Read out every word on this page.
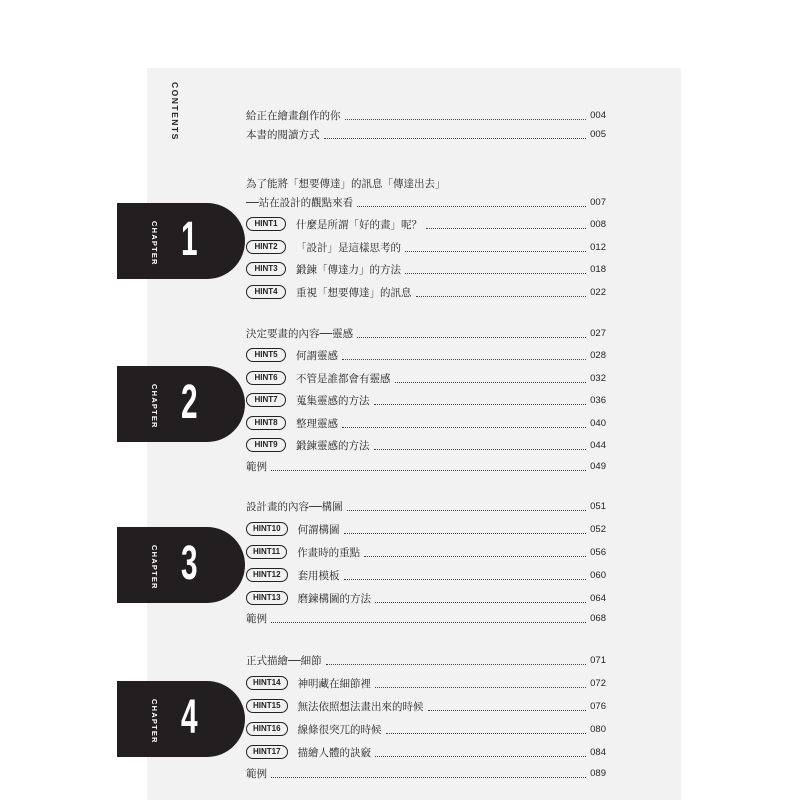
CONTENTS
CHAPTER 1
CHAPTER 2
CHAPTER 3
CHAPTER 4
給正在繪畫創作的你	004
本書的閱讀方式	005
為了能將「想要傳達」的訊息「傳達出去」
──站在設計的觀點來看	007
HINT1	什麼是所謂「好的畫」呢？	008
HINT2	「設計」是這樣思考的	012
HINT3	鍛鍊「傳達力」的方法	018
HINT4	重視「想要傳達」的訊息	022
決定要畫的內容──靈感	027
HINT5	何謂靈感	028
HINT6	不管是誰都會有靈感	032
HINT7	蒐集靈感的方法	036
HINT8	整理靈感	040
HINT9	鍛鍊靈感的方法	044
範例	049
設計畫的內容──構圖	051
HINT10	何謂構圖	052
HINT11	作畫時的重點	056
HINT12	套用模板	060
HINT13	磨鍊構圖的方法	064
範例	068
正式描繪──細節	071
HINT14	神明藏在細節裡	072
HINT15	無法依照想法畫出來的時候	076
HINT16	線條很突兀的時候	080
HINT17	描繪人體的訣竅	084
範例	089
